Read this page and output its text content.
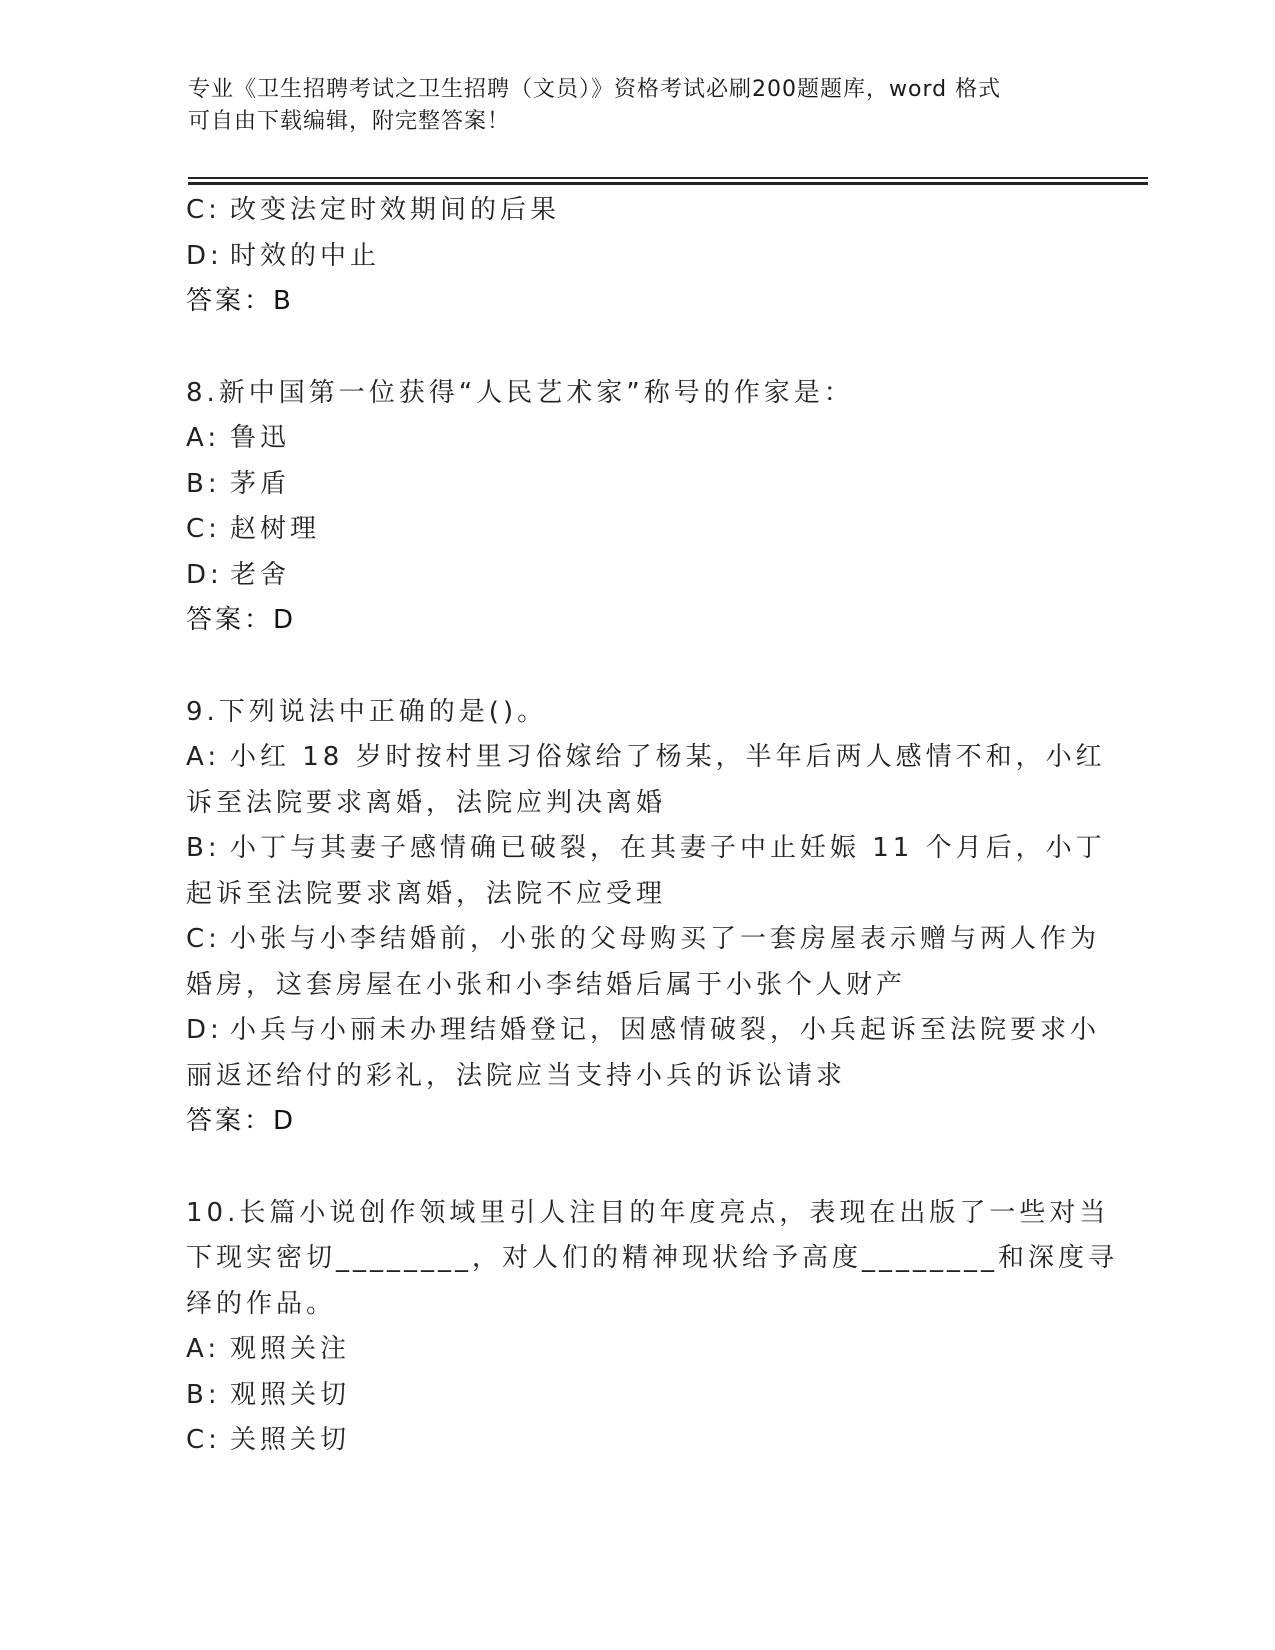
专业《卫生招聘考试之卫生招聘（文员）》资格考试必刷200题题库，word 格式
可自由下载编辑，附完整答案！
C: 改变法定时效期间的后果
D: 时效的中止
答案：B
8.新中国第一位获得“人民艺术家”称号的作家是：
A: 鲁迅
B: 茅盾
C: 赵树理
D: 老舍
答案：D
9.下列说法中正确的是()。
A: 小红 18 岁时按村里习俗嫁给了杨某，半年后两人感情不和，小红
诉至法院要求离婚，法院应判决离婚
B: 小丁与其妻子感情确已破裂，在其妻子中止妊娠 11 个月后，小丁
起诉至法院要求离婚，法院不应受理
C: 小张与小李结婚前，小张的父母购买了一套房屋表示赠与两人作为
婚房，这套房屋在小张和小李结婚后属于小张个人财产
D: 小兵与小丽未办理结婚登记，因感情破裂，小兵起诉至法院要求小
丽返还给付的彩礼，法院应当支持小兵的诉讼请求
答案：D
10.长篇小说创作领域里引人注目的年度亮点，表现在出版了一些对当
下现实密切________，对人们的精神现状给予高度________和深度寻
绎的作品。
A: 观照关注
B: 观照关切
C: 关照关切
